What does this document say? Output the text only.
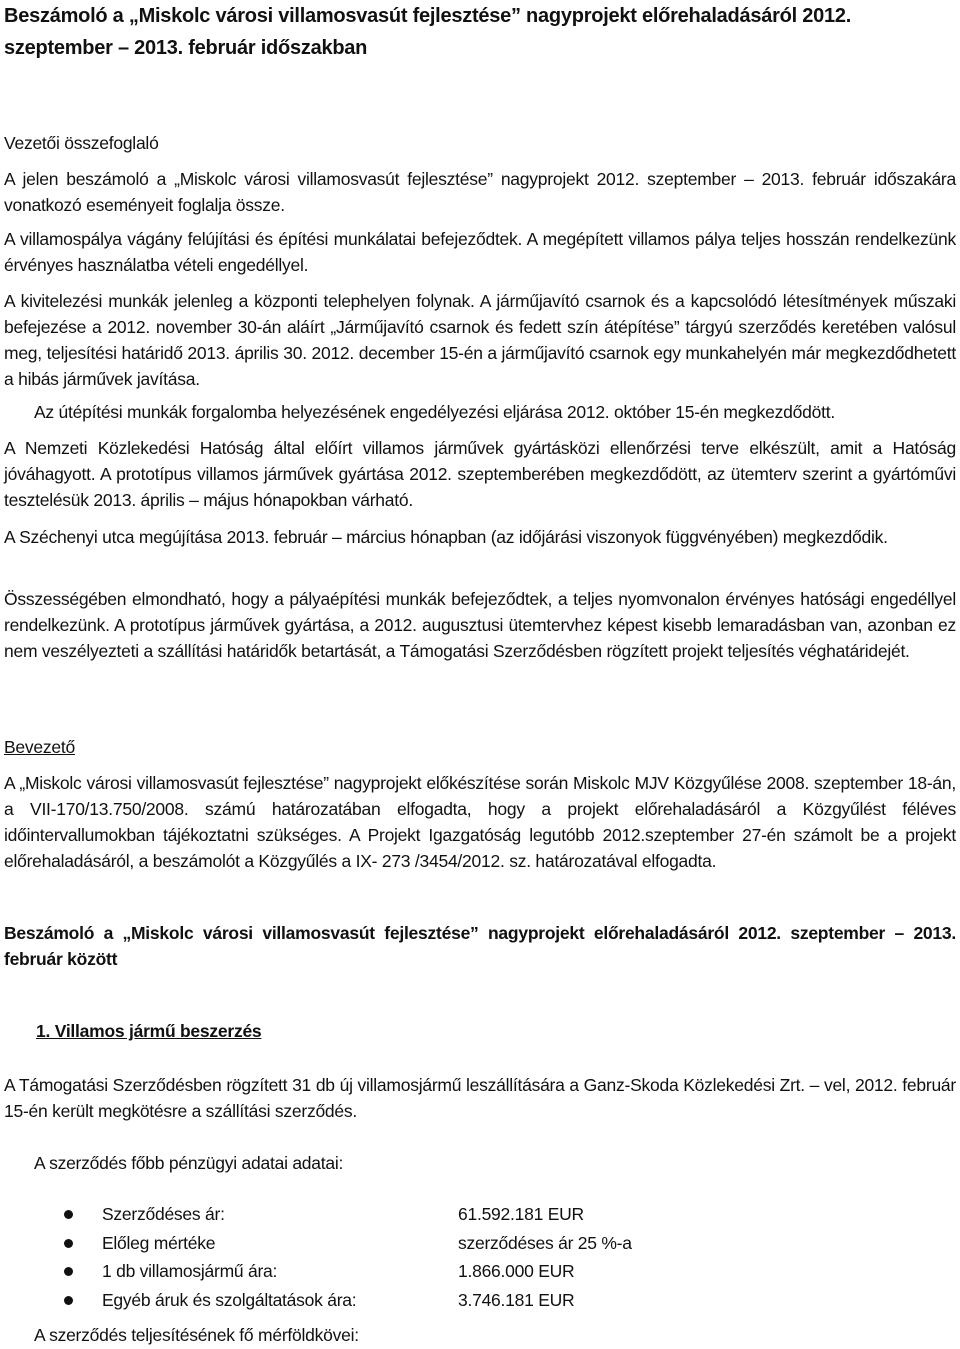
Beszámoló a „Miskolc városi villamosvasút fejlesztése” nagyprojekt előrehaladásáról 2012. szeptember – 2013. február időszakban
Vezetői összefoglaló

A jelen beszámoló a „Miskolc városi villamosvasút fejlesztése” nagyprojekt 2012. szeptember – 2013. február időszakára vonatkozó eseményeit foglalja össze.

A villamospálya vágány felújítási és építési munkálatai befejeződtek. A megépített villamos pálya teljes hosszán rendelkezünk érvényes használatba vételi engedéllyel.

A kivitelezési munkák jelenleg a központi telephelyen folynak. A járműjavító csarnok és a kapcsolódó létesítmények műszaki befejezése a 2012. november 30-án aláírt „Járműjavító csarnok és fedett szín átépítése” tárgyú szerződés keretében valósul meg, teljesítési határidő 2013. április 30. 2012. december 15-én a járműjavító csarnok egy munkahelyén már megkezdődhetett a hibás járművek javítása.

Az útépítési munkák forgalomba helyezésének engedélyezési eljárása 2012. október 15-én megkezdődött.

A Nemzeti Közlekedési Hatóság által előírt villamos járművek gyártásközi ellenőrzési terve elkészült, amit a Hatóság jóváhagyott. A prototípus villamos járművek gyártása 2012. szeptemberében megkezdődött, az ütemterv szerint a gyártóművi tesztelésük 2013. április – május hónapokban várható.

A Széchenyi utca megújítása 2013. február – március hónapban (az időjárási viszonyok függvényében) megkezdődik.

Összességében elmondható, hogy a pályaépítési munkák befejeződtek, a teljes nyomvonalon érvényes hatósági engedéllyel rendelkezünk. A prototípus járművek gyártása, a 2012. augusztusi ütemtervhez képest kisebb lemaradásban van, azonban ez nem veszélyezteti a szállítási határidők betartását, a Támogatási Szerződésben rögzített projekt teljesítés véghatáridejét.

Bevezető

A „Miskolc városi villamosvasút fejlesztése” nagyprojekt előkészítése során Miskolc MJV Közgyűlése 2008. szeptember 18-án, a VII-170/13.750/2008. számú határozatában elfogadta, hogy a projekt előrehaladásáról a Közgyűlést féléves időintervallumokban tájékoztatni szükséges. A Projekt Igazgatóság legutóbb 2012.szeptember 27-én számolt be a projekt előrehaladásáról, a beszámolót a Közgyűlés a IX- 273 /3454/2012. sz. határozatával elfogadta.

Beszámoló a „Miskolc városi villamosvasút fejlesztése” nagyprojekt előrehaladásáról 2012. szeptember – 2013. február között

1. Villamos jármű beszerzés

A Támogatási Szerződésben rögzített 31 db új villamosjármű leszállítására a Ganz-Skoda Közlekedési Zrt. – vel, 2012. február 15-én került megkötésre a szállítási szerződés.

A szerződés főbb pénzügyi adatai adatai:

Szerződéses ár:	61.592.181 EUR
Előleg mértéke	szerződéses ár 25 %-a
1 db villamosjármű ára:	1.866.000 EUR
Egyéb áruk és szolgáltatások ára:	3.746.181 EUR
A szerződés teljesítésének fő mérföldkövei:
